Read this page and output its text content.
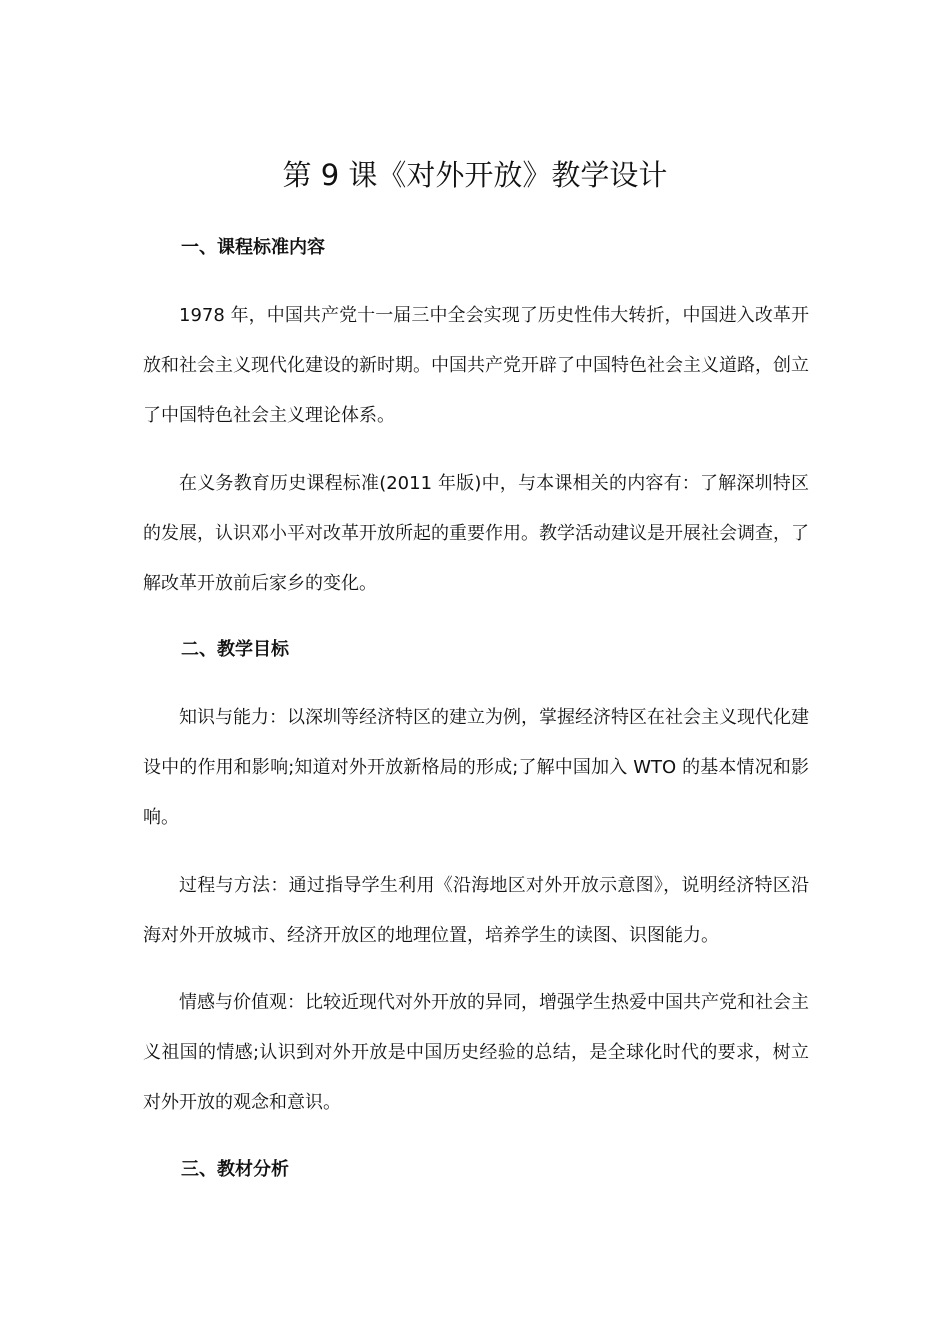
第 9 课《对外开放》教学设计
一、课程标准内容

1978 年，中国共产党十一届三中全会实现了历史性伟大转折，中国进入改革开放和社会主义现代化建设的新时期。中国共产党开辟了中国特色社会主义道路，创立了中国特色社会主义理论体系。

在义务教育历史课程标准(2011 年版)中，与本课相关的内容有：了解深圳特区的发展，认识邓小平对改革开放所起的重要作用。教学活动建议是开展社会调查，了解改革开放前后家乡的变化。

二、教学目标

知识与能力：以深圳等经济特区的建立为例，掌握经济特区在社会主义现代化建设中的作用和影响;知道对外开放新格局的形成;了解中国加入 WTO 的基本情况和影响。

过程与方法：通过指导学生利用《沿海地区对外开放示意图》，说明经济特区沿海对外开放城市、经济开放区的地理位置，培养学生的读图、识图能力。

情感与价值观：比较近现代对外开放的异同，增强学生热爱中国共产党和社会主义祖国的情感;认识到对外开放是中国历史经验的总结，是全球化时代的要求，树立对外开放的观念和意识。

三、教材分析
